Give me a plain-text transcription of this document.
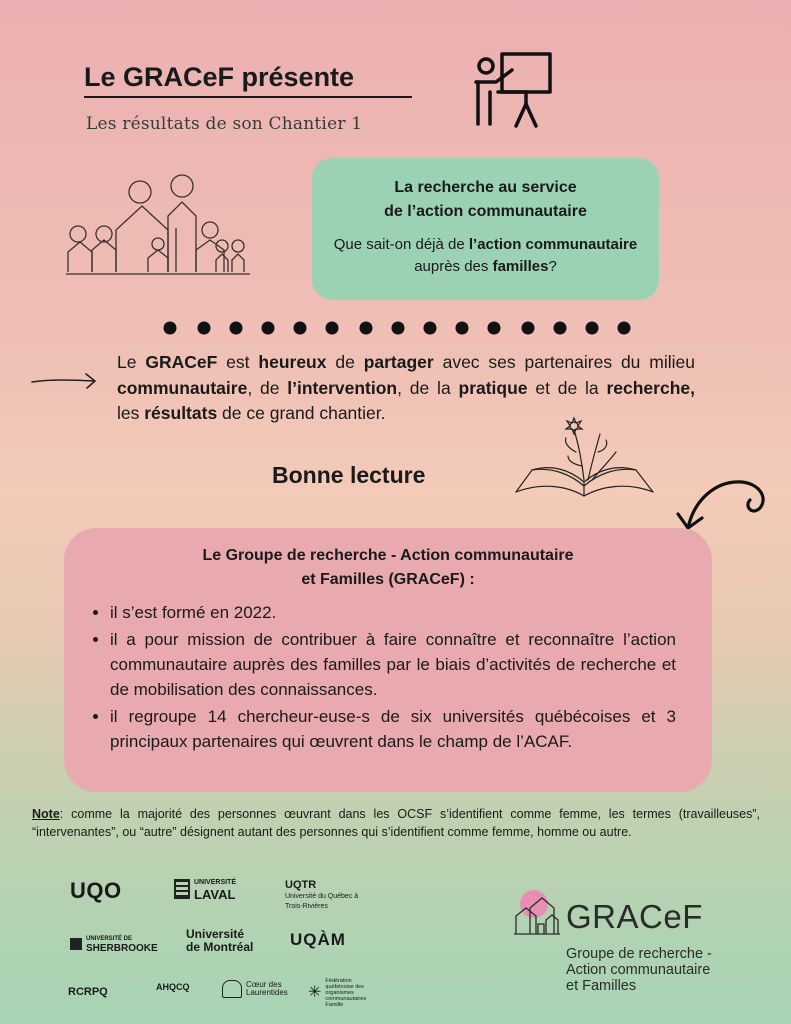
Le GRACeF présente
Les résultats de son Chantier 1
La recherche au service
de l’action communautaire
Que sait-on déjà de l’action communautaire auprès des familles?
Le GRACeF est heureux de partager avec ses partenaires du milieu communautaire, de l’intervention, de la pratique et de la recherche, les résultats de ce grand chantier.
Bonne lecture
Le Groupe de recherche - Action communautaire
et Familles (GRACeF) :
• il s’est formé en 2022.
• il a pour mission de contribuer à faire connaître et reconnaître l’action communautaire auprès des familles par le biais d’activités de recherche et de mobilisation des connaissances.
• il regroupe 14 chercheur-euse-s de six universités québécoises et 3 principaux partenaires qui œuvrent dans le champ de l’ACAF.
Note: comme la majorité des personnes œuvrant dans les OCSF s’identifient comme femme, les termes (travailleuses”, “intervenantes”, ou “autre” désignent autant des personnes qui s’identifient comme femme, homme ou autre.
UQO	UNIVERSITÉ
LAVAL
UQTR
Université du Québec à Trois-Rivières
UNIVERSITÉ DE
SHERBROOKE
Université
de Montréal UQÀM
RCRPQ	AHQCQ	Cœur des Laurentides	✳
Fédération québécoise des organismes communautaires Famille
GRACeF
Groupe de recherche -
Action communautaire
et Familles
